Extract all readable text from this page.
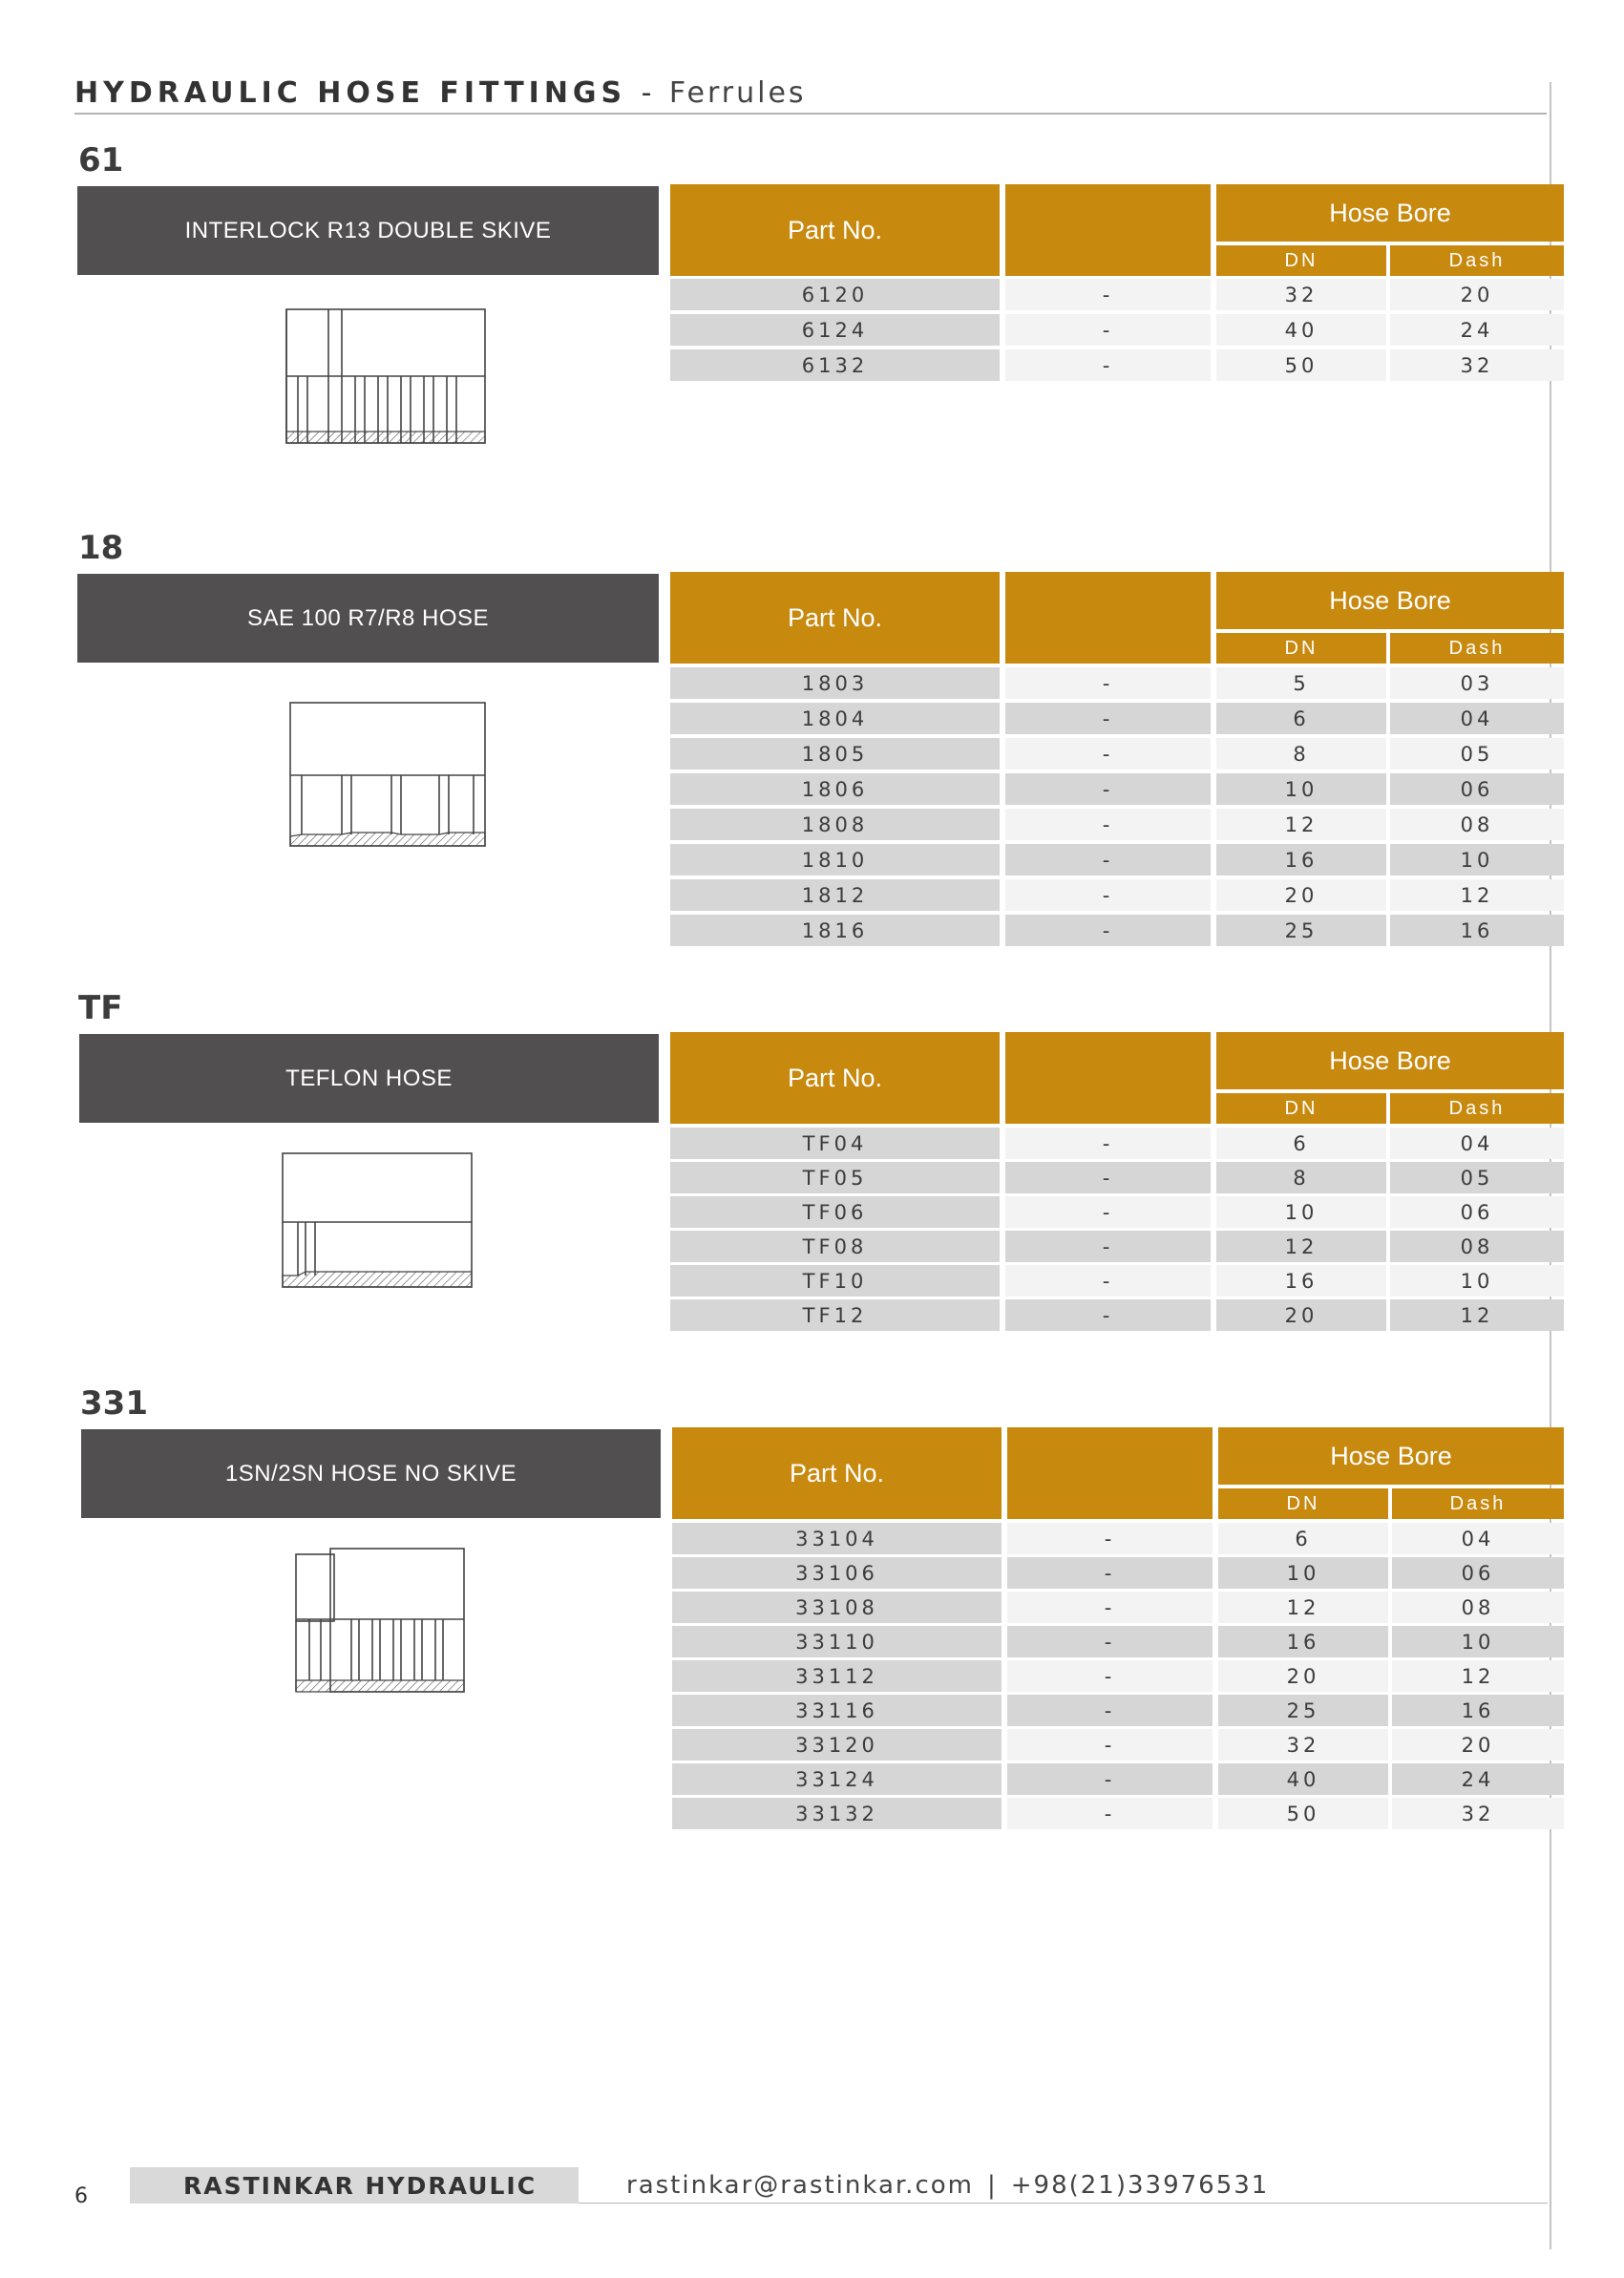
HYDRAULIC HOSE FITTINGS - Ferrules
61
INTERLOCK R13 DOUBLE SKIVE	Part No.
Hose Bore
DN	Dash
6120	-	32	20
6124	-	40	24
6132	-	50	32
18
SAE 100 R7/R8 HOSE	Part No.
Hose Bore
DN	Dash
1803	-	5	03
1804	-	6	04
1805	-	8	05
1806	-	10	06
1808	-	12	08
1810	-	16	10
1812	-	20	12
1816	-	25	16
TF
TEFLON HOSE	Part No.
Hose Bore
DN	Dash
TF04	-	6	04
TF05	-	8	05
TF06	-	10	06
TF08	-	12	08
TF10	-	16	10
TF12	-	20	12
331
1SN/2SN HOSE NO SKIVE	Part No.
Hose Bore
DN	Dash
33104	-	6	04
33106	-	10	06
33108	-	12	08
33110	-	16	10
33112	-	20	12
33116	-	25	16
33120	-	32	20
33124	-	40	24
33132	-	50	32
6	RASTINKAR HYDRAULIC	rastinkar@rastinkar.com | +98(21)33976531
